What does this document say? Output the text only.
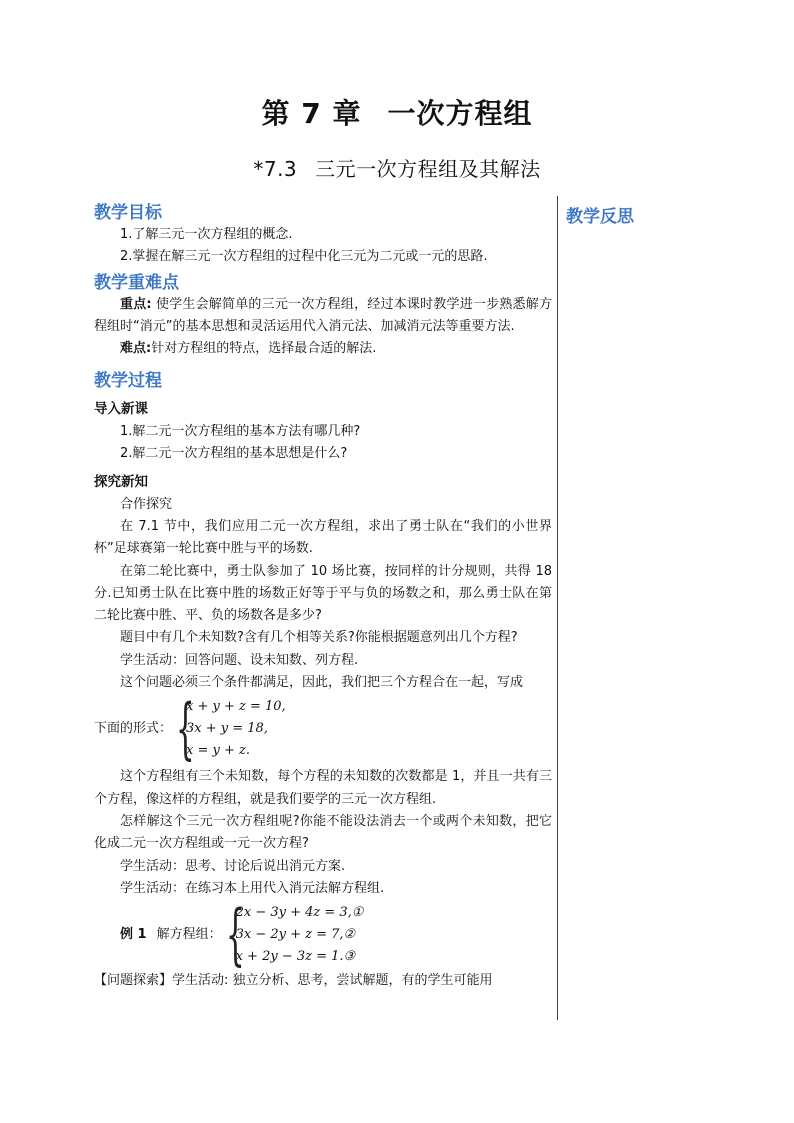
第 7 章 一次方程组
*7.3 三元一次方程组及其解法
教学反思

教学目标

1.了解三元一次方程组的概念.

2.掌握在解三元一次方程组的过程中化三元为二元或一元的思路.

教学重难点

重点: 使学生会解简单的三元一次方程组，经过本课时教学进一步熟悉解方程组时“消元”的基本思想和灵活运用代入消元法、加减消元法等重要方法.

难点:针对方程组的特点，选择最合适的解法.

教学过程

导入新课

1.解二元一次方程组的基本方法有哪几种?

2.解二元一次方程组的基本思想是什么?

探究新知

合作探究

在 7.1 节中，我们应用二元一次方程组，求出了勇士队在“我们的小世界杯”足球赛第一轮比赛中胜与平的场数.

在第二轮比赛中，勇士队参加了 10 场比赛，按同样的计分规则，共得 18 分.已知勇士队在比赛中胜的场数正好等于平与负的场数之和，那么勇士队在第二轮比赛中胜、平、负的场数各是多少?

题目中有几个未知数?含有几个相等关系?你能根据题意列出几个方程?

学生活动：回答问题、设未知数、列方程.

这个问题必须三个条件都满足，因此，我们把三个方程合在一起，写成

下面的形式： {
x + y + z = 10,
3x + y = 18,
x = y + z.

这个方程组有三个未知数，每个方程的未知数的次数都是 1，并且一共有三个方程，像这样的方程组，就是我们要学的三元一次方程组.

怎样解这个三元一次方程组呢?你能不能设法消去一个或两个未知数，把它化成二元一次方程组或一元一次方程?

学生活动：思考、讨论后说出消元方案.

学生活动：在练习本上用代入消元法解方程组.

例 1 解方程组： {
2x − 3y + 4z = 3,①
3x − 2y + z = 7,②
x + 2y − 3z = 1.③

【问题探索】学生活动: 独立分析、思考，尝试解题，有的学生可能用
